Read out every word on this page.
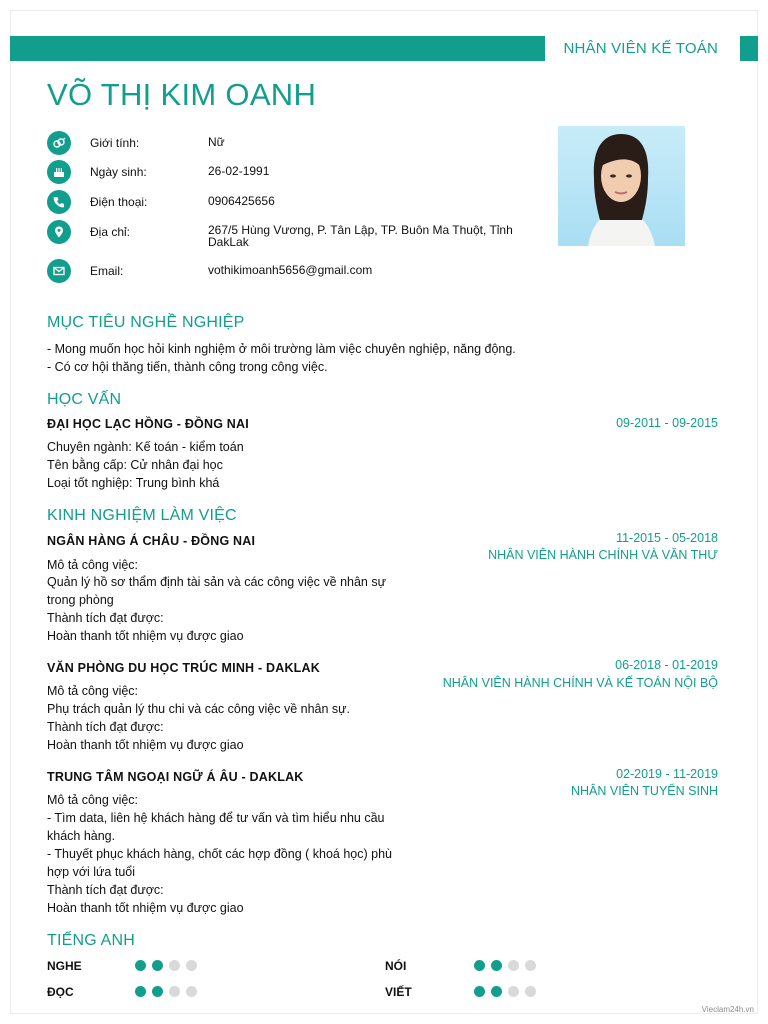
NHÂN VIÊN KẾ TOÁN
VÕ THỊ KIM OANH
Giới tính:	Nữ
Ngày sinh:	26-02-1991
Điện thoại:	0906425656
Địa chỉ:	267/5 Hùng Vương, P. Tân Lập, TP. Buôn Ma Thuột, Tỉnh DakLak
Email:	vothikimoanh5656@gmail.com
MỤC TIÊU NGHỀ NGHIỆP
- Mong muốn học hỏi kinh nghiệm ở môi trường làm việc chuyên nghiệp, năng động.
- Có cơ hội thăng tiến, thành công trong công việc.
HỌC VẤN
ĐẠI HỌC LẠC HỒNG - ĐỒNG NAI	09-2011 - 09-2015
Chuyên ngành: Kế toán - kiểm toán
Tên bằng cấp: Cử nhân đại học
Loại tốt nghiệp: Trung bình khá
KINH NGHIỆM LÀM VIỆC
NGÂN HÀNG Á CHÂU - ĐỒNG NAI	11-2015 - 05-2018
NHÂN VIÊN HÀNH CHÍNH VÀ VĂN THƯ
Mô tả công việc:
Quản lý hồ sơ thẩm định tài sản và các công việc về nhân sự trong phòng
Thành tích đạt được:
Hoàn thanh tốt nhiệm vụ được giao
VĂN PHÒNG DU HỌC TRÚC MINH - DAKLAK	06-2018 - 01-2019
NHÂN VIÊN HÀNH CHÍNH VÀ KẾ TOÁN NỘI BỘ
Mô tả công việc:
Phụ trách quản lý thu chi và các công việc về nhân sự.
Thành tích đạt được:
Hoàn thanh tốt nhiệm vụ được giao
TRUNG TÂM NGOẠI NGỮ Á ÂU - DAKLAK	02-2019 - 11-2019
NHÂN VIÊN TUYỂN SINH
Mô tả công việc:
- Tìm data, liên hệ khách hàng để tư vấn và tìm hiểu nhu cầu khách hàng.
- Thuyết phục khách hàng, chốt các hợp đồng ( khoá học) phù hợp với lứa tuổi
Thành tích đạt được:
Hoàn thanh tốt nhiệm vụ được giao
TIẾNG ANH
NGHE	NÓI
ĐỌC	VIẾT
Vieclam24h.vn
